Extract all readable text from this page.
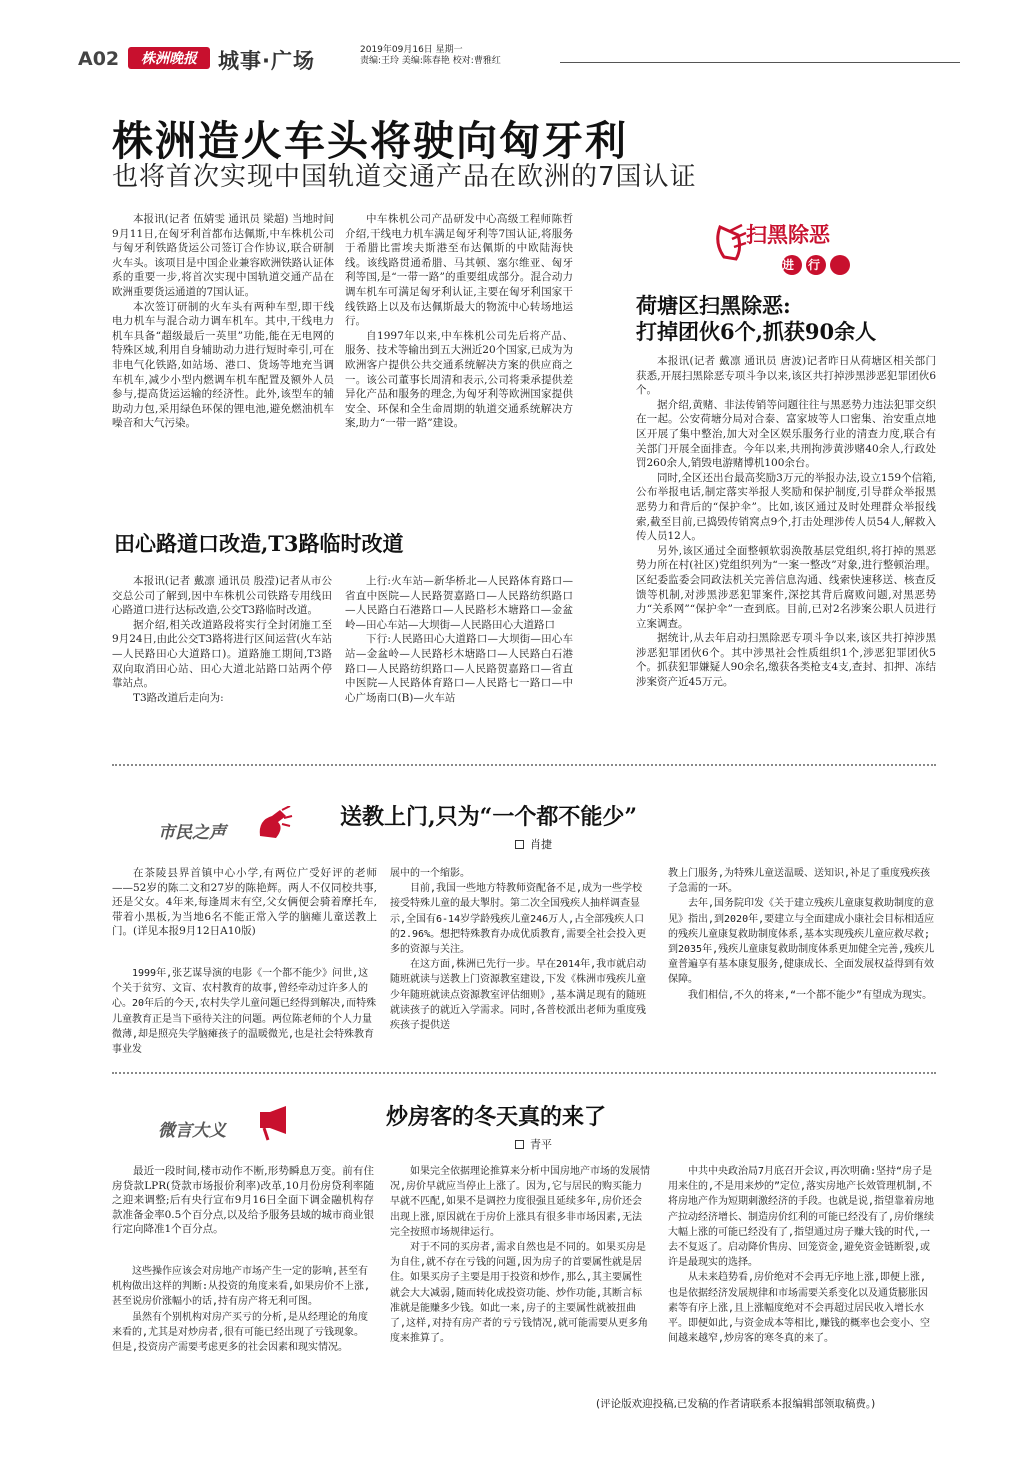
A02	株洲晚报	城事·广场	2019年09月16日 星期一
责编:王玲 美编:陈春艳 校对:曹雅红
株洲造火车头将驶向匈牙利
也将首次实现中国轨道交通产品在欧洲的7国认证

本报讯(记者 伍婧雯 通讯员 梁超) 当地时间9月11日,在匈牙利首都布达佩斯,中车株机公司与匈牙利铁路货运公司签订合作协议,联合研制火车头。该项目是中国企业兼容欧洲铁路认证体系的重要一步,将首次实现中国轨道交通产品在欧洲重要货运通道的7国认证。

本次签订研制的火车头有两种车型,即干线电力机车与混合动力调车机车。其中,干线电力机车具备“超级最后一英里”功能,能在无电网的特殊区域,利用自身辅助动力进行短时牵引,可在非电气化铁路,如站场、港口、货场等地充当调车机车,减少小型内燃调车机车配置及额外人员参与,提高货运运输的经济性。此外,该型车的辅助动力包,采用绿色环保的锂电池,避免燃油机车噪音和大气污染。

中车株机公司产品研发中心高级工程师陈哲介绍,干线电力机车满足匈牙利等7国认证,将服务于希腊比雷埃夫斯港至布达佩斯的中欧陆海快线。该线路贯通希腊、马其顿、塞尔维亚、匈牙利等国,是“一带一路”的重要组成部分。混合动力调车机车可满足匈牙利认证,主要在匈牙利国家干线铁路上以及布达佩斯最大的物流中心转场地运行。

自1997年以来,中车株机公司先后将产品、服务、技术等输出到五大洲近20个国家,已成为为欧洲客户提供公共交通系统解决方案的供应商之一。该公司董事长周清和表示,公司将秉承提供差异化产品和服务的理念,为匈牙利等欧洲国家提供安全、环保和全生命周期的轨道交通系统解决方案,助力“一带一路”建设。

扫黑除恶
进行时
荷塘区扫黑除恶:
打掉团伙6个,抓获90余人

本报讯(记者 戴凛 通讯员 唐波)记者昨日从荷塘区相关部门获悉,开展扫黑除恶专项斗争以来,该区共打掉涉黑涉恶犯罪团伙6个。

据介绍,黄赌、非法传销等问题往往与黑恶势力违法犯罪交织在一起。公安荷塘分局对合泰、富家坡等人口密集、治安重点地区开展了集中整治,加大对全区娱乐服务行业的清查力度,联合有关部门开展全面排查。今年以来,共刑拘涉黄涉赌40余人,行政处罚260余人,销毁电游赌博机100余台。

同时,全区还出台最高奖励3万元的举报办法,设立159个信箱,公布举报电话,制定落实举报人奖励和保护制度,引导群众举报黑恶势力和背后的“保护伞”。比如,该区通过及时处理群众举报线索,截至目前,已捣毁传销窝点9个,打击处理涉传人员54人,解救入传人员12人。

另外,该区通过全面整顿软弱涣散基层党组织,将打掉的黑恶势力所在村(社区)党组织列为“一案一整改”对象,进行整顿治理。区纪委监委会同政法机关完善信息沟通、线索快速移送、核查反馈等机制,对涉黑涉恶犯罪案件,深挖其背后腐败问题,对黑恶势力“关系网”“保护伞”一查到底。目前,已对2名涉案公职人员进行立案调查。

据统计,从去年启动扫黑除恶专项斗争以来,该区共打掉涉黑涉恶犯罪团伙6个。其中涉黑社会性质组织1个,涉恶犯罪团伙5个。抓获犯罪嫌疑人90余名,缴获各类枪支4支,查封、扣押、冻结涉案资产近45万元。

田心路道口改造,T3路临时改道

本报讯(记者 戴凛 通讯员 殷滢)记者从市公交总公司了解到,因中车株机公司铁路专用线田心路道口进行达标改造,公交T3路临时改道。

据介绍,相关改道路段将实行全封闭施工至9月24日,由此公交T3路将进行区间运营(火车站—人民路田心大道路口)。道路施工期间,T3路双向取消田心站、田心大道北站路口站两个停靠站点。

T3路改道后走向为:

上行:火车站—新华桥北—人民路体育路口—省直中医院—人民路贺嘉路口—人民路纺织路口—人民路白石港路口—人民路杉木塘路口—金盆岭—田心车站—大坝街—人民路田心大道路口

下行:人民路田心大道路口—大坝街—田心车站—金盆岭—人民路杉木塘路口—人民路白石港路口—人民路纺织路口—人民路贺嘉路口—省直中医院—人民路体育路口—人民路七一路口—中心广场南口(B)—火车站

市民之声
送教上门,只为“一个都不能少”
肖捷

在茶陵县界首镇中心小学,有两位广受好评的老师——52岁的陈二文和27岁的陈艳辉。两人不仅同校共事,还是父女。4年来,每逢周末有空,父女俩便会骑着摩托车,带着小黑板,为当地6名不能正常入学的脑瘫儿童送教上门。(详见本报9月12日A10版)

1999年,张艺谋导演的电影《一个都不能少》问世,这个关于贫穷、文盲、农村教育的故事,曾经牵动过许多人的心。20年后的今天,农村失学儿童问题已经得到解决,而特殊儿童教育正是当下亟待关注的问题。两位陈老师的个人力量微薄,却是照亮失学脑瘫孩子的温暖微光,也是社会特殊教育事业发

展中的一个缩影。

目前,我国一些地方特教师资配备不足,成为一些学校接受特殊儿童的最大掣肘。第二次全国残疾人抽样调查显示,全国有6-14岁学龄残疾儿童246万人,占全部残疾人口的2.96%。想把特殊教育办成优质教育,需要全社会投入更多的资源与关注。

在这方面,株洲已先行一步。早在2014年,我市就启动随班就读与送教上门资源教室建设,下发《株洲市残疾儿童少年随班就读点资源教室评估细则》,基本满足现有的随班就读孩子的就近入学需求。同时,各普校派出老师为重度残疾孩子提供送

教上门服务,为特殊儿童送温暖、送知识,补足了重度残疾孩子急需的一环。

去年,国务院印发《关于建立残疾儿童康复救助制度的意见》指出,到2020年,要建立与全面建成小康社会目标相适应的残疾儿童康复救助制度体系,基本实现残疾儿童应救尽救;到2035年,残疾儿童康复救助制度体系更加健全完善,残疾儿童普遍享有基本康复服务,健康成长、全面发展权益得到有效保障。

我们相信,不久的将来,“一个都不能少”有望成为现实。

微言大义
炒房客的冬天真的来了
青平

最近一段时间,楼市动作不断,形势瞬息万变。前有住房贷款LPR(贷款市场报价利率)改革,10月份房贷利率随之迎来调整;后有央行宣布9月16日全面下调金融机构存款准备金率0.5个百分点,以及给予服务县域的城市商业银行定向降准1个百分点。

这些操作应该会对房地产市场产生一定的影响,甚至有机构做出这样的判断:从投资的角度来看,如果房价不上涨,甚至说房价涨幅小的话,持有房产将无利可图。

虽然有个别机构对房产买亏的分析,是从经理论的角度来看的,尤其是对炒房者,很有可能已经出现了亏钱现象。但是,投资房产需要考虑更多的社会因素和现实情况。

如果完全依据理论推算来分析中国房地产市场的发展情况,房价早就应当停止上涨了。因为,它与居民的购买能力早就不匹配,如果不是调控力度很强且延续多年,房价还会出现上涨,原因就在于房价上涨具有很多非市场因素,无法完全按照市场规律运行。

对于不同的买房者,需求自然也是不同的。如果买房是为自住,就不存在亏钱的问题,因为房子的首要属性就是居住。如果买房子主要是用于投资和炒作,那么,其主要属性就会大大减弱,随而转化成投资功能、炒作功能,其断言标准就是能赚多少钱。如此一来,房子的主要属性就被扭曲了,这样,对持有房产者的亏亏钱情况,就可能需要从更多角度来推算了。

中共中央政治局7月底召开会议,再次明确:坚持“房子是用来住的,不是用来炒的”定位,落实房地产长效管理机制,不将房地产作为短期刺激经济的手段。也就是说,指望靠着房地产拉动经济增长、制造房价红利的可能已经没有了,房价继续大幅上涨的可能已经没有了,指望通过房子赚大钱的时代,一去不复返了。启动降价售房、回笼资金,避免资金链断裂,或许是最现实的选择。

从未来趋势看,房价绝对不会再无序地上涨,即便上涨,也是依据经济发展规律和市场需要关系变化以及通货膨胀因素等有序上涨,且上涨幅度绝对不会再超过居民收入增长水平。即便如此,与资金成本等相比,赚钱的概率也会变小、空间越来越窄,炒房客的寒冬真的来了。

(评论版欢迎投稿,已发稿的作者请联系本报编辑部领取稿费。)
